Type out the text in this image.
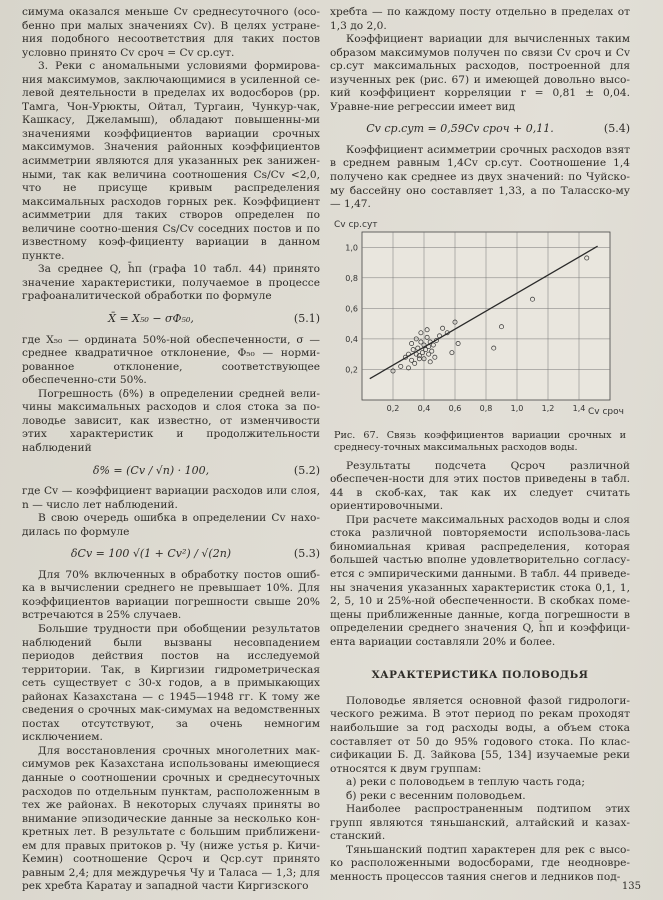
симума оказался меньше Cv среднесуточного (осо-бенно при малых значениях Cv). В целях устране-ния подобного несоответствия для таких постов условно принято Cv сроч = Cv ср.сут.

3. Реки с аномальными условиями формирова-ния максимумов, заключающимися в усиленной се-левой деятельности в пределах их водосборов (рр. Тамга, Чон-Урюкты, Ойтал, Тургаин, Чункур-чак, Кашкасу, Джеламыш), обладают повышенны-ми значениями коэффициентов вариации срочных максимумов. Значения районных коэффициентов асимметрии являются для указанных рек занижен-ными, так как величина соотношения Cs/Cv <2,0, что не присуще кривым распределения максимальных расходов горных рек. Коэффициент асимметрии для таких створов определен по величине соотно-шения Cs/Cv соседних постов и по известному коэф-фициенту вариации в данном пункте.

За среднее Q, h̄п (графа 10 табл. 44) принято значение характеристики, получаемое в процессе графоаналитической обработки по формуле

X̄ = X₅₀ − σΦ₅₀,	(5.1)

где X₅₀ — ордината 50%-ной обеспеченности, σ — среднее квадратичное отклонение, Φ₅₀ — норми-рованное отклонение, соответствующее обеспеченно-сти 50%.

Погрешность (δ%) в определении средней вели-чины максимальных расходов и слоя стока за по-ловодье зависит, как известно, от изменчивости этих характеристик и продолжительности наблюдений

δ% = (Cv / √n) · 100,	(5.2)

где Cv — коэффициент вариации расходов или слоя, n — число лет наблюдений.

В свою очередь ошибка в определении Cv нахо-дилась по формуле

δCv = 100 √(1 + Cv²) / √(2n)	(5.3)

Для 70% включенных в обработку постов ошиб-ка в вычислении среднего не превышает 10%. Для коэффициентов вариации погрешности свыше 20% встречаются в 25% случаев.

Большие трудности при обобщении результатов наблюдений были вызваны несовпадением периодов действия постов на исследуемой территории. Так, в Киргизии гидрометрическая сеть существует с 30-х годов, а в примыкающих районах Казахстана — с 1945—1948 гг. К тому же сведения о срочных мак-симумах на ведомственных постах отсутствуют, за очень немногим исключением.

Для восстановления срочных многолетних мак-симумов рек Казахстана использованы имеющиеся данные о соотношении срочных и среднесуточных расходов по отдельным пунктам, расположенным в тех же районах. В некоторых случаях приняты во внимание эпизодические данные за несколько кон-кретных лет. В результате с большим приближени-ем для правых притоков р. Чу (ниже устья р. Кичи-Кемин) соотношение Qсроч и Qср.сут принято равным 2,4; для междуречья Чу и Таласа — 1,3; для рек хребта Каратау и западной части Киргизского

хребта — по каждому посту отдельно в пределах от 1,3 до 2,0.

Коэффициент вариации для вычисленных таким образом максимумов получен по связи Cv сроч и Cv ср.сут максимальных расходов, построенной для изученных рек (рис. 67) и имеющей довольно высо-кий коэффициент корреляции r = 0,81 ± 0,04. Уравне-ние регрессии имеет вид

Cv ср.сут = 0,59Cv сроч + 0,11.	(5.4)

Коэффициент асимметрии срочных расходов взят в среднем равным 1,4Cv ср.сут. Соотношение 1,4 получено как среднее из двух значений: по Чуйско-му бассейну оно составляет 1,33, а по Таласско-му — 1,47.

0,2 0,4 0,6 0,8 1,0 1,2 1,4
0,2
0,4
0,6
0,8
1,0
Cv ср.сут
Cv сроч
Рис. 67. Связь коэффициентов вариации срочных и среднесу-точных максимальных расходов воды.

Результаты подсчета Qсроч различной обеспечен-ности для этих постов приведены в табл. 44 в скоб-ках, так как их следует считать ориентировочными.

При расчете максимальных расходов воды и слоя стока различной повторяемости использова-лась биномиальная кривая распределения, которая большей частью вполне удовлетворительно согласу-ется с эмпирическими данными. В табл. 44 приведе-ны значения указанных характеристик стока 0,1, 1, 2, 5, 10 и 25%-ной обеспеченности. В скобках поме-щены приближенные данные, когда погрешности в определении среднего значения Q, h̄п и коэффици-ента вариации составляли 20% и более.

ХАРАКТЕРИСТИКА ПОЛОВОДЬЯ

Половодье является основной фазой гидрологи-ческого режима. В этот период по рекам проходят наибольшие за год расходы воды, а объем стока составляет от 50 до 95% годового стока. По клас-сификации Б. Д. Зайкова [55, 134] изучаемые реки относятся к двум группам:

а) реки с половодьем в теплую часть года;

б) реки с весенним половодьем.

Наиболее распространенным подтипом этих групп являются тяньшанский, алтайский и казах-станский.

Тяньшанский подтип характерен для рек с высо-ко расположенными водосборами, где неодновре-менность процессов таяния снегов и ледников под-

135
